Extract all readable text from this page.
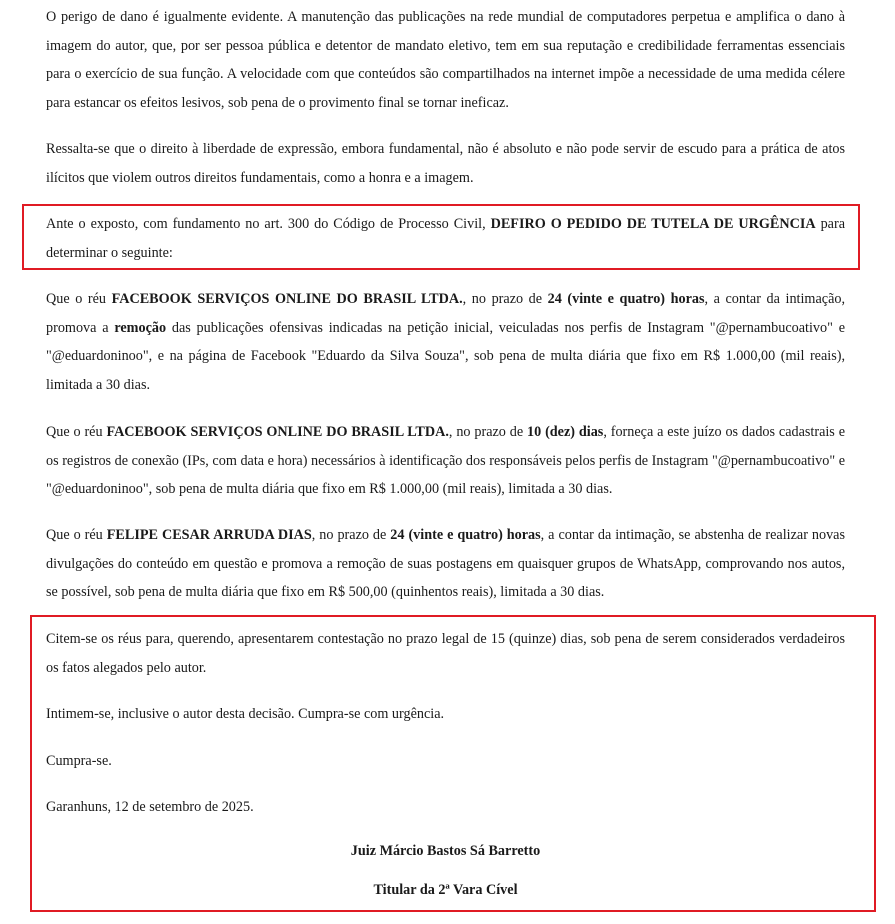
O perigo de dano é igualmente evidente. A manutenção das publicações na rede mundial de computadores perpetua e amplifica o dano à imagem do autor, que, por ser pessoa pública e detentor de mandato eletivo, tem em sua reputação e credibilidade ferramentas essenciais para o exercício de sua função. A velocidade com que conteúdos são compartilhados na internet impõe a necessidade de uma medida célere para estancar os efeitos lesivos, sob pena de o provimento final se tornar ineficaz.

Ressalta-se que o direito à liberdade de expressão, embora fundamental, não é absoluto e não pode servir de escudo para a prática de atos ilícitos que violem outros direitos fundamentais, como a honra e a imagem.

Ante o exposto, com fundamento no art. 300 do Código de Processo Civil, DEFIRO O PEDIDO DE TUTELA DE URGÊNCIA para determinar o seguinte:

Que o réu FACEBOOK SERVIÇOS ONLINE DO BRASIL LTDA., no prazo de 24 (vinte e quatro) horas, a contar da intimação, promova a remoção das publicações ofensivas indicadas na petição inicial, veiculadas nos perfis de Instagram "@pernambucoativo" e "@eduardoninoo", e na página de Facebook "Eduardo da Silva Souza", sob pena de multa diária que fixo em R$ 1.000,00 (mil reais), limitada a 30 dias.

Que o réu FACEBOOK SERVIÇOS ONLINE DO BRASIL LTDA., no prazo de 10 (dez) dias, forneça a este juízo os dados cadastrais e os registros de conexão (IPs, com data e hora) necessários à identificação dos responsáveis pelos perfis de Instagram "@pernambucoativo" e "@eduardoninoo", sob pena de multa diária que fixo em R$ 1.000,00 (mil reais), limitada a 30 dias.

Que o réu FELIPE CESAR ARRUDA DIAS, no prazo de 24 (vinte e quatro) horas, a contar da intimação, se abstenha de realizar novas divulgações do conteúdo em questão e promova a remoção de suas postagens em quaisquer grupos de WhatsApp, comprovando nos autos, se possível, sob pena de multa diária que fixo em R$ 500,00 (quinhentos reais), limitada a 30 dias.

Citem-se os réus para, querendo, apresentarem contestação no prazo legal de 15 (quinze) dias, sob pena de serem considerados verdadeiros os fatos alegados pelo autor.

Intimem-se, inclusive o autor desta decisão. Cumpra-se com urgência.

Cumpra-se.

Garanhuns, 12 de setembro de 2025.

Juiz Márcio Bastos Sá Barretto

Titular da 2ª Vara Cível
